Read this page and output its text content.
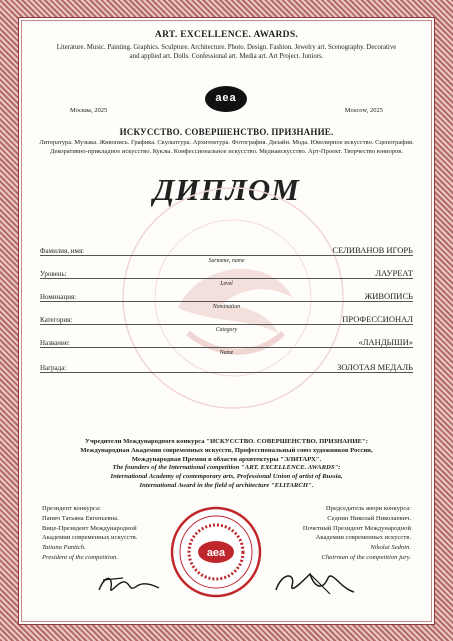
ART. EXCELLENCE. AWARDS.
Literature. Music. Painting. Graphics. Sculpture. Architecture. Photo. Design. Fashion. Jewelry art. Scenography. Decorative and applied art. Dolls. Confessional art. Media art. Art Project. Juniors.
Москва, 2025
aea
Moscow, 2025
ИСКУССТВО. СОВЕРШЕНСТВО. ПРИЗНАНИЕ.
Литература. Музыка. Живопись. Графика. Скульптура. Архитектура. Фотография. Дизайн. Мода. Ювелирное искусство. Сценография. Декоративно-прикладное искусство. Куклы. Конфессиональное искусство. Медиаискусство. Арт-Проект. Творчество юниоров.
ДИПЛОМ
Фамилия, имя:	СЕЛИВАНОВ ИГОРЬ
Surname, name
Уровень:	ЛАУРЕАТ
Level
Номинация:	ЖИВОПИСЬ
Nomination
Категория:	ПРОФЕССИОНАЛ
Category
Название:	«ЛАНДЫШИ»
Name
Награда:	ЗОЛОТАЯ МЕДАЛЬ
Учредители Международного конкурса "ИСКУССТВО. СОВЕРШЕНСТВО. ПРИЗНАНИЕ":
Международная Академия современных искусств, Профессиональный союз художников России,
Международная Премия в области архитектуры "ЭЛИТАРХ".
The founders of the International competition "ART. EXCELLENCE. AWARDS":
International Academy of contemporary arts, Professional Union of artist of Russia,
International Award in the field of architecture "ELITARCH".
Президент конкурса:
Панич Татьяна Евгеньевна.
Вице-Президент Международной
Академии современных искусств.
Tatiana Panitch.
President of the competition.	aea
Председатель жюри конкурса:
Седнин Николай Николаевич.
Почетный Президент Международной
Академии современных искусств.
Nikolai Sednin.
Chairman of the competition jury.
